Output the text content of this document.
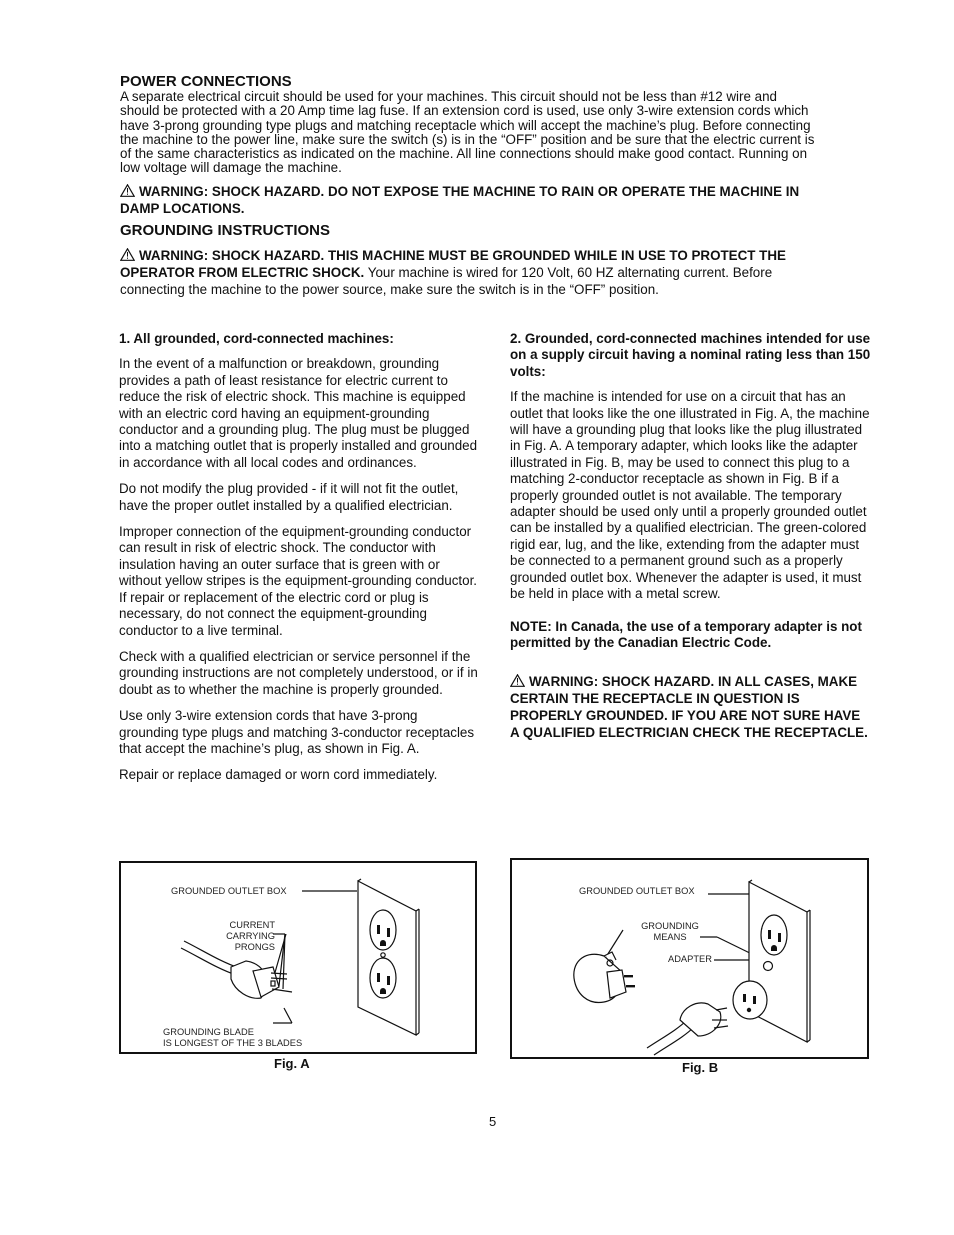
POWER CONNECTIONS
A separate electrical circuit should be used for your machines. This circuit should not be less than #12 wire and
should be protected with a 20 Amp time lag fuse. If an extension cord is used, use only 3-wire extension cords which
have 3-prong grounding type plugs and matching receptacle which will accept the machine’s plug. Before connecting
the machine to the power line, make sure the switch (s) is in the “OFF” position and be sure that the electric current is
of the same characteristics as indicated on the machine. All line connections should make good contact. Running on
low voltage will damage the machine.
WARNING: SHOCK HAZARD. DO NOT EXPOSE THE MACHINE TO RAIN OR OPERATE THE MACHINE IN
DAMP LOCATIONS.
GROUNDING INSTRUCTIONS
WARNING: SHOCK HAZARD. THIS MACHINE MUST BE GROUNDED WHILE IN USE TO PROTECT THE
OPERATOR FROM ELECTRIC SHOCK. Your machine is wired for 120 Volt, 60 HZ alternating current. Before
connecting the machine to the power source, make sure the switch is in the “OFF” position.

1. All grounded, cord-connected machines:

In the event of a malfunction or breakdown, grounding provides a path of least resistance for electric current to reduce the risk of electric shock. This machine is equipped with an electric cord having an equipment-grounding conductor and a grounding plug. The plug must be plugged into a matching outlet that is properly installed and grounded in accordance with all local codes and ordinances.

Do not modify the plug provided - if it will not fit the outlet, have the proper outlet installed by a qualified electrician.

Improper connection of the equipment-grounding conductor can result in risk of electric shock. The conductor with insulation having an outer surface that is green with or without yellow stripes is the equipment-grounding conductor. If repair or replacement of the electric cord or plug is necessary, do not connect the equipment-grounding conductor to a live terminal.

Check with a qualified electrician or service personnel if the grounding instructions are not completely understood, or if in doubt as to whether the machine is properly grounded.

Use only 3-wire extension cords that have 3-prong grounding type plugs and matching 3-conductor receptacles that accept the machine’s plug, as shown in Fig. A.

Repair or replace damaged or worn cord immediately.

2. Grounded, cord-connected machines intended for use on a supply circuit having a nominal rating less than 150 volts:

If the machine is intended for use on a circuit that has an outlet that looks like the one illustrated in Fig. A, the machine will have a grounding plug that looks like the plug illustrated in Fig. A. A temporary adapter, which looks like the adapter illustrated in Fig. B, may be used to connect this plug to a matching 2-conductor receptacle as shown in Fig. B if a properly grounded outlet is not available. The temporary adapter should be used only until a properly grounded outlet can be installed by a qualified electrician. The green-colored rigid ear, lug, and the like, extending from the adapter must be connected to a permanent ground such as a properly grounded outlet box. Whenever the adapter is used, it must be held in place with a metal screw.

NOTE: In Canada, the use of a temporary adapter is not permitted by the Canadian Electric Code.

WARNING: SHOCK HAZARD. IN ALL CASES, MAKE CERTAIN THE RECEPTACLE IN QUESTION IS PROPERLY GROUNDED. IF YOU ARE NOT SURE HAVE A QUALIFIED ELECTRICIAN CHECK THE RECEPTACLE.

GROUNDED OUTLET BOX
CURRENT
CARRYING
PRONGS
GROUNDING BLADE
IS LONGEST OF THE 3 BLADES
Fig. A
GROUNDED OUTLET BOX
GROUNDING
MEANS
ADAPTER
Fig. B
5
